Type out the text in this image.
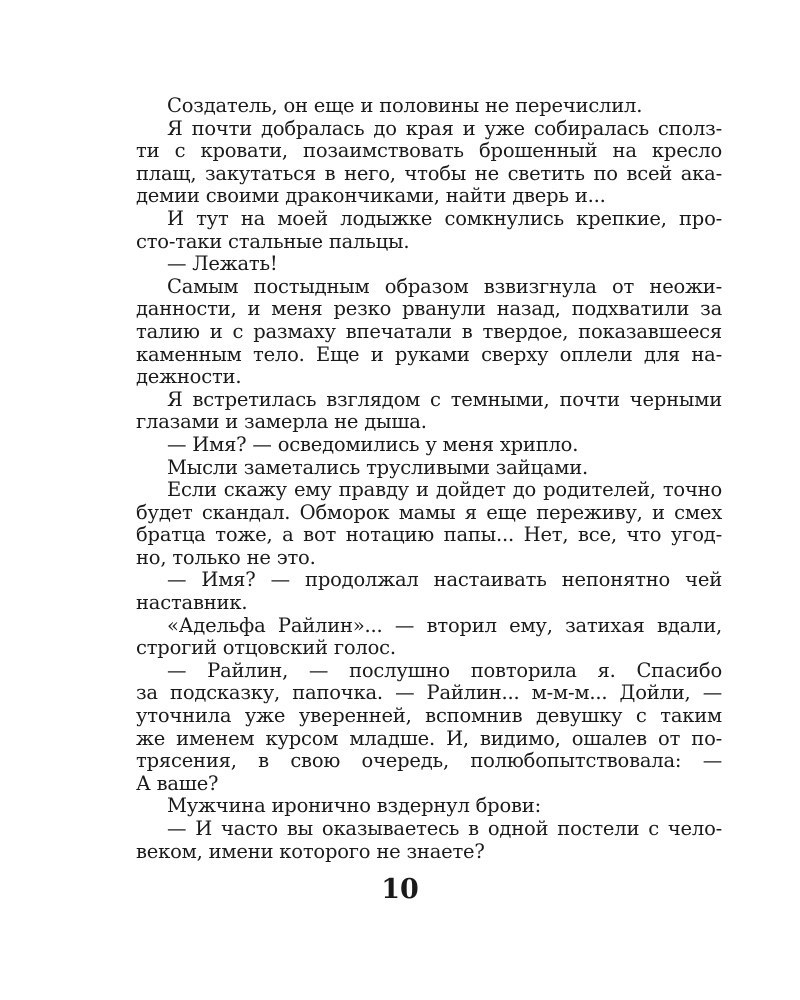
Создатель, он еще и половины не перечислил.
Я почти добралась до края и уже собиралась сполз-
ти с кровати, позаимствовать брошенный на кресло
плащ, закутаться в него, чтобы не светить по всей ака-
демии своими дракончиками, найти дверь и...
И тут на моей лодыжке сомкнулись крепкие, про-
сто-таки стальные пальцы.
— Лежать!
Самым постыдным образом взвизгнула от неожи-
данности, и меня резко рванули назад, подхватили за
талию и с размаху впечатали в твердое, показавшееся
каменным тело. Еще и руками сверху оплели для на-
дежности.
Я встретилась взглядом с темными, почти черными
глазами и замерла не дыша.
— Имя? — осведомились у меня хрипло.
Мысли заметались трусливыми зайцами.
Если скажу ему правду и дойдет до родителей, точно
будет скандал. Обморок мамы я еще переживу, и смех
братца тоже, а вот нотацию папы... Нет, все, что угод-
но, только не это.
— Имя? — продолжал настаивать непонятно чей
наставник.
«Адельфа Райлин»... — вторил ему, затихая вдали,
строгий отцовский голос.
— Райлин, — послушно повторила я. Спасибо
за подсказку, папочка. — Райлин... м-м-м... Дойли, —
уточнила уже уверенней, вспомнив девушку с таким
же именем курсом младше. И, видимо, ошалев от по-
трясения, в свою очередь, полюбопытствовала: —
А ваше?
Мужчина иронично вздернул брови:
— И часто вы оказываетесь в одной постели с чело-
веком, имени которого не знаете?
10
